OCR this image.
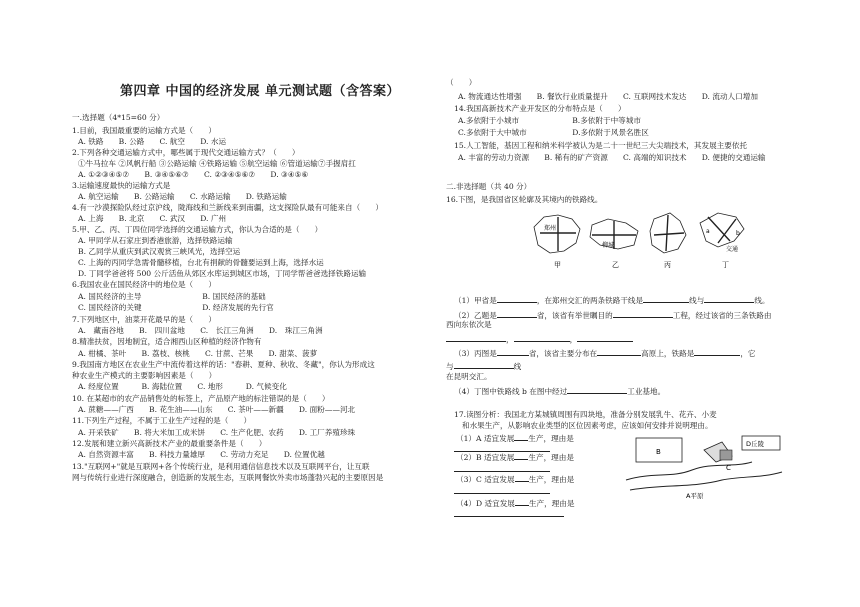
第四章 中国的经济发展 单元测试题（含答案）
一.选择题（4*15=60 分）
1.目前，我国最重要的运输方式是（　　）
A. 铁路　　B. 公路　　C. 航空　　D. 水运
2.下列各种交通运输方式中，哪些属于现代交通运输方式？（　　）
①牛马拉车 ②风帆行船 ③公路运输 ④铁路运输 ⑤航空运输 ⑥管道运输⑦手握肩扛
A. ①②③④⑤⑦　　B. ③④⑤⑥⑦　　C. ②③④⑤⑥⑦　　D. ③④⑤⑥
3.运输速度最快的运输方式是
A. 航空运输　　B. 公路运输　　C. 水路运输　　D. 铁路运输
4.有一沙漠探险队经过京沪线，陇海线和兰新线来到南疆，这支探险队最有可能来自（　　）
A. 上海　　B. 北京　　C. 武汉　　D. 广州
5.甲、乙、丙、丁四位同学选择的交通运输方式，你认为合适的是（　　）
A. 甲同学从石家庄到香港旅游，选择铁路运输
B. 乙同学从重庆到武汉观赏三峡风光，选择空运
C. 上海的丙同学急需骨髓移植，台北有捐献的骨髓要运到上海，选择水运
D. 丁同学爸爸将 500 公斤活鱼从郊区水库运到城区市场，丁同学帮爸爸选择铁路运输
6.我国农业在国民经济中的地位是（　　）
A. 国民经济的主导　　　　　　　　B. 国民经济的基础
C. 国民经济的关键　　　　　　　　D. 经济发展的先行官
7.下列地区中，油菜开花最早的是（　　）
A.　藏南谷地　　B.　四川盆地　　C.　长江三角洲　　D.　珠江三角洲
8.精准扶贫，因地制宜，适合湘西山区种植的经济作物有
A. 柑橘、茶叶　　B. 荔枝、核桃　　C. 甘蔗、芒果　　D. 甜菜、菠萝
9.我国南方地区在农业生产中流传着这样的话："春耕、夏种、秋收、冬藏"，你认为形成这
种农业生产模式的主要影响因素是（　　）
A. 经度位置　　　B. 海陆位置　　C. 地形　　　D. 气候变化
10. 在某超市的农产品销售处的标签上，产品原产地的标注错误的是（　　）
A. 蔗糖——广西　　B. 花生油——山东　　C. 茶叶——新疆　　D. 面粉——河北
11.下列生产过程，不属于工业生产过程的是（　　）
A. 开采铁矿　　B. 将大米加工成米饼　　C. 生产化肥、农药　　D. 工厂养殖珍珠
12.发展和建立新兴高新技术产业的最重要条件是（　　）
A. 自然资源丰富　　B. 科技力量雄厚　　C. 劳动力充足　　D. 位置优越
13."互联网+"就是互联网+各个传统行业，是利用通信信息技术以及互联网平台，让互联
网与传统行业进行深度融合，创造新的发展生态，互联网餐饮外卖市场蓬勃兴起的主要原因是
二.非选择题（共 40 分）
16.下图，是我国省区轮廓及其境内的铁路线。
郑州
甲
柳城
乙	丙
a	b
交通
丁
（1）甲省是	，在郑州交汇的两条铁路干线是	线与	线。
（2）乙题是	省，该省有举世瞩目的	工程，经过该省的三条铁路由
西向东依次是
，	，
（3）丙图是	省，该省主要分布在	高原上，铁路是	，它
与	线
在昆明交汇。
（4）丁图中铁路线 b 在图中经过	工业基地。
17.读图分析：我国北方某城镇周围有四块地，准备分别发展乳牛、花卉、小麦
和水果生产，从影响农业类型的区位因素考虑，应该如何安排并说明理由。
（1）A 适宜发展 生产，理由是
（2）B 适宜发展 生产，理由是
（3）C 适宜发展 生产，理由是
（4）D 适宜发展 生产，理由是
B
C
D丘陵
A平原
（　　）
A. 物流通达性增强　　B. 餐饮行业质量提升　　C. 互联网技术发达　　D. 流动人口增加
14.我国高新技术产业开发区的分布特点是（　　）
A.多依附于小城市　　　　　　　B.多依附于中等城市
C.多依附于大中城市　　　　　　D.多依附于风景名胜区
15.人工智能，基因工程和纳米科学被认为是二十一世纪三大尖端技术，其发展主要依托
A. 丰富的劳动力资源　　B. 稀有的矿产资源　　C. 高端的知识技术　　D. 便捷的交通运输
